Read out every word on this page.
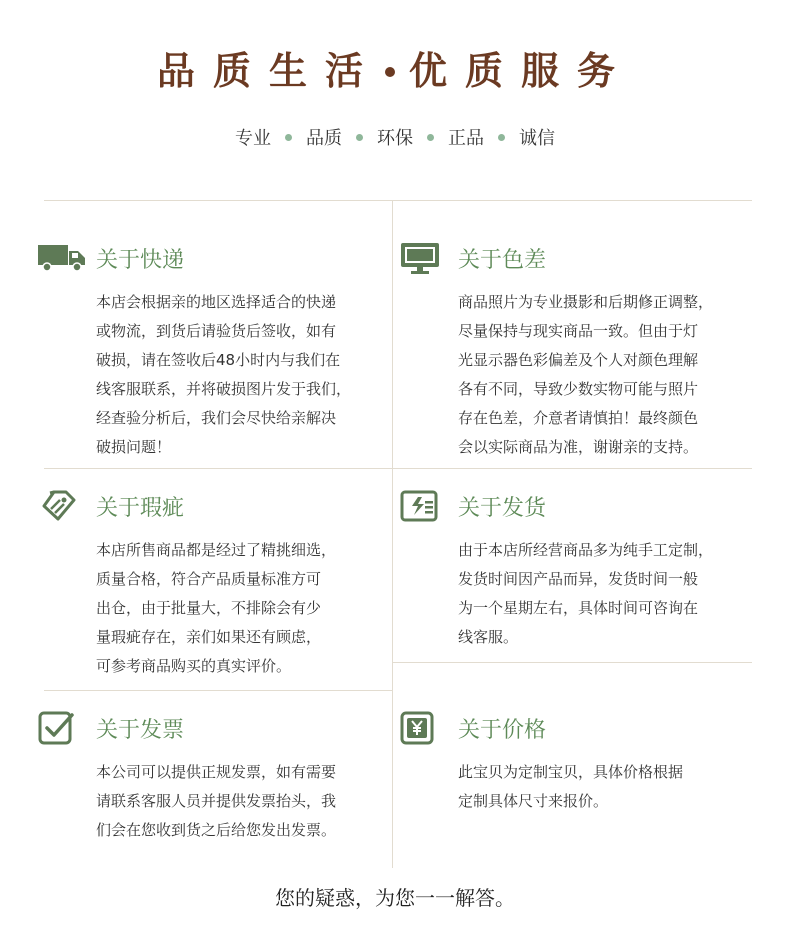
品质生活 优质服务
专业 品质 环保 正品 诚信
关于快递

本店会根据亲的地区选择适合的快递

或物流，到货后请验货后签收，如有

破损，请在签收后48小时内与我们在

线客服联系，并将破损图片发于我们，

经查验分析后，我们会尽快给亲解决

破损问题！

关于色差

商品照片为专业摄影和后期修正调整，

尽量保持与现实商品一致。但由于灯

光显示器色彩偏差及个人对颜色理解

各有不同，导致少数实物可能与照片

存在色差，介意者请慎拍！最终颜色

会以实际商品为准，谢谢亲的支持。

关于瑕疵

本店所售商品都是经过了精挑细选，

质量合格，符合产品质量标准方可

出仓，由于批量大，不排除会有少

量瑕疵存在，亲们如果还有顾虑，

可参考商品购买的真实评价。

关于发货

由于本店所经营商品多为纯手工定制，

发货时间因产品而异，发货时间一般

为一个星期左右，具体时间可咨询在

线客服。

关于发票

本公司可以提供正规发票，如有需要

请联系客服人员并提供发票抬头，我

们会在您收到货之后给您发出发票。

关于价格

此宝贝为定制宝贝，具体价格根据

定制具体尺寸来报价。

您的疑惑，为您一一解答。
